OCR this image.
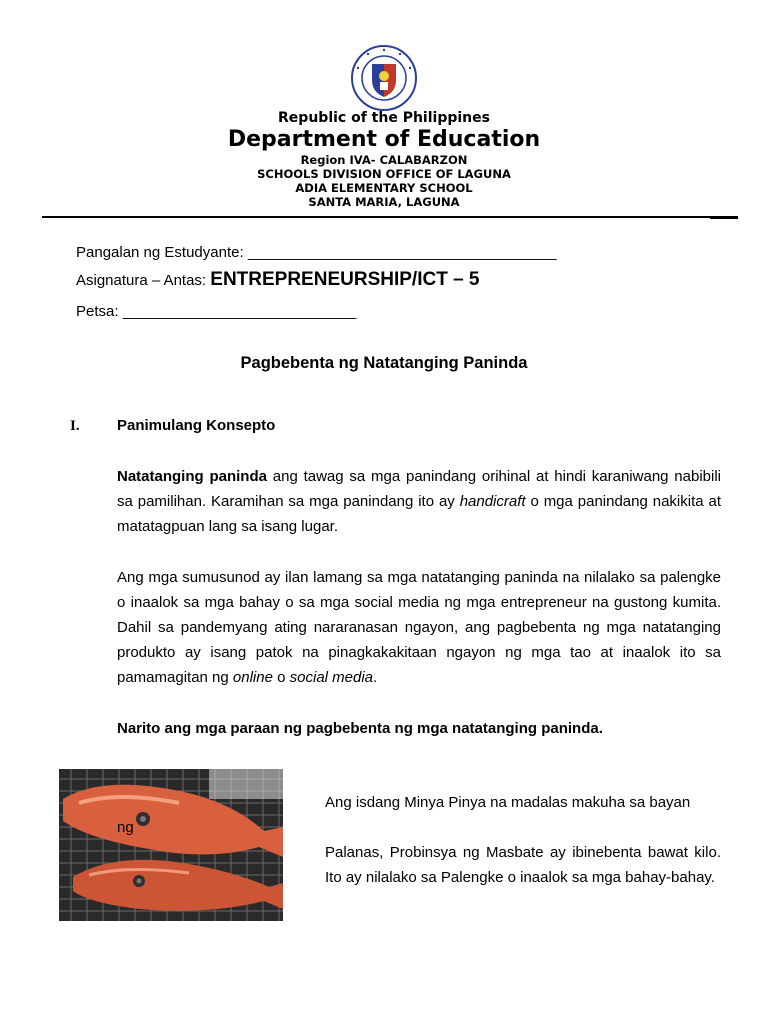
Republic of the Philippines
Department of Education
Region IVA- CALABARZON
SCHOOLS DIVISION OFFICE OF LAGUNA
ADIA ELEMENTARY SCHOOL
SANTA MARIA, LAGUNA
Pangalan ng Estudyante: _____________________________________
Asignatura – Antas: ENTREPRENEURSHIP/ICT – 5
Petsa: ____________________________
Pagbebenta ng Natatanging Paninda
I. Panimulang Konsepto
Natatanging paninda ang tawag sa mga panindang orihinal at hindi karaniwang nabibili sa pamilihan. Karamihan sa mga panindang ito ay handicraft o mga panindang nakikita at matatagpuan lang sa isang lugar.
Ang mga sumusunod ay ilan lamang sa mga natatanging paninda na nilalako sa palengke o inaalok sa mga bahay o sa mga social media ng mga entrepreneur na gustong kumita. Dahil sa pandemyang ating nararanasan ngayon, ang pagbebenta ng mga natatanging produkto ay isang patok na pinagkakakitaan ngayon ng mga tao at inaalok ito sa pamamagitan ng online o social media.
Narito ang mga paraan ng pagbebenta ng mga natatanging paninda.
Ang isdang Minya Pinya na madalas makuha sa bayan
ng
Palanas, Probinsya ng Masbate ay ibinebenta bawat kilo. Ito ay nilalako sa Palengke o inaalok sa mga bahay-bahay.
